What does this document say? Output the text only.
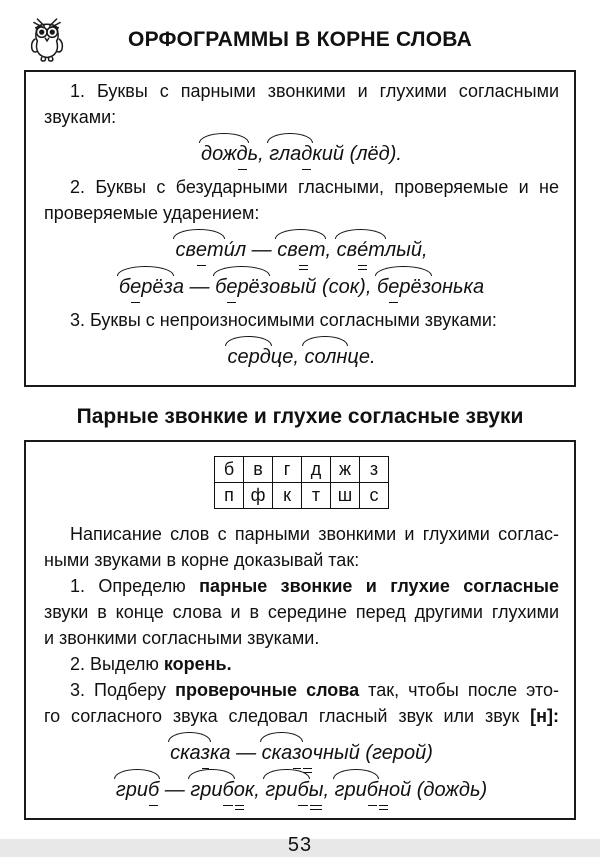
ОРФОГРАММЫ В КОРНЕ СЛОВА
1. Буквы с парными звонкими и глухими согласными
звуками:
дождь, гладкий (лёд).
2. Буквы с безударными гласными, проверяемые и не
проверяемые ударением:
свети́л — свет, све́тлый,
берёза — берёзовый (сок), берёзонька
3. Буквы с непроизносимыми согласными звуками:
сердце, солнце.
Парные звонкие и глухие согласные звуки
б	в	г	д	ж	з
п	ф	к	т	ш	с
Написание слов с парными звонкими и глухими соглас-
ными звуками в корне доказывай так:
1. Определю парные звонкие и глухие согласные
звуки в конце слова и в середине перед другими глухими
и звонкими согласными звуками.
2. Выделю корень.
3. Подберу проверочные слова так, чтобы после это-
го согласного звука следовал гласный звук или звук [н]:
сказка — сказочный (герой)
гриб — грибок, грибы, грибной (дождь)
53
